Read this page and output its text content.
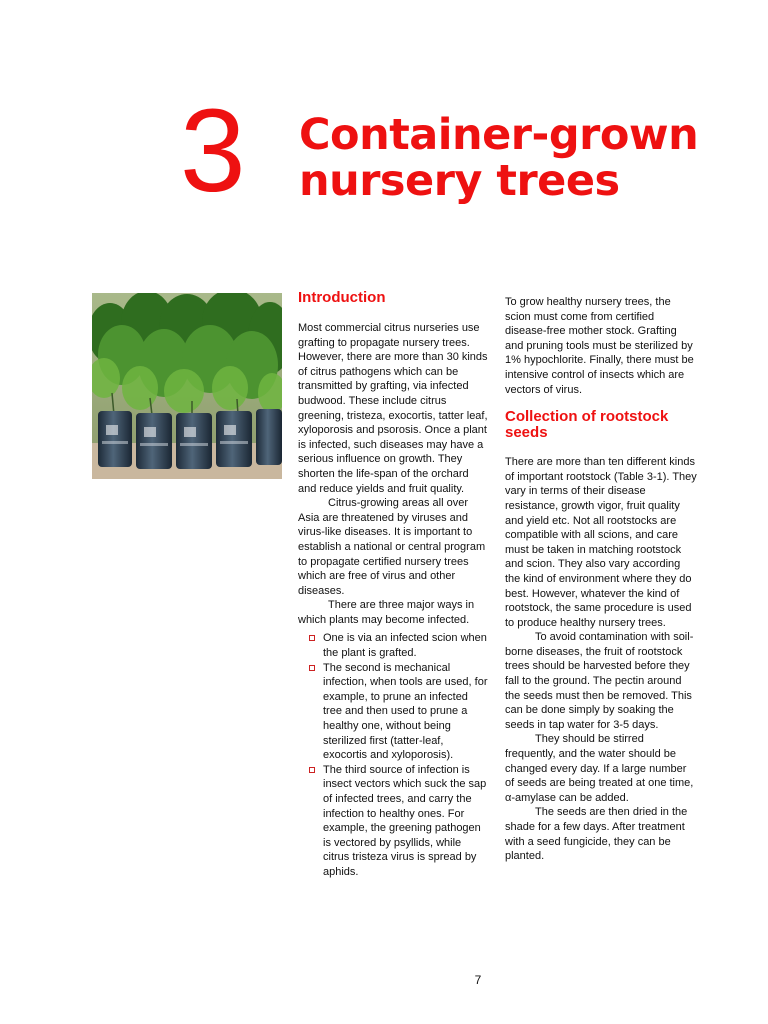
3 Container-grown
nursery trees
Introduction

Most commercial citrus nurseries use grafting to propagate nursery trees. However, there are more than 30 kinds of citrus pathogens which can be transmitted by grafting, via infected budwood. These include citrus greening, tristeza, exocortis, tatter leaf, xyloporosis and psorosis. Once a plant is infected, such diseases may have a serious influence on growth. They shorten the life-span of the orchard and reduce yields and fruit quality.

Citrus-growing areas all over Asia are threatened by viruses and virus-like diseases. It is important to establish a national or central program to propagate certified nursery trees which are free of virus and other diseases.

There are three major ways in which plants may become infected.

One is via an infected scion when the plant is grafted.
The second is mechanical infection, when tools are used, for example, to prune an infected tree and then used to prune a healthy one, without being sterilized first (tatter-leaf, exocortis and xyloporosis).
The third source of infection is insect vectors which suck the sap of infected trees, and carry the infection to healthy ones. For example, the greening pathogen is vectored by psyllids, while citrus tristeza virus is spread by aphids.

To grow healthy nursery trees, the scion must come from certified disease-free mother stock. Grafting and pruning tools must be sterilized by 1% hypochlorite. Finally, there must be intensive control of insects which are vectors of virus.

Collection of rootstock seeds

There are more than ten different kinds of important rootstock (Table 3-1). They vary in terms of their disease resistance, growth vigor, fruit quality and yield etc. Not all rootstocks are compatible with all scions, and care must be taken in matching rootstock and scion. They also vary according the kind of environment where they do best. However, whatever the kind of rootstock, the same procedure is used to produce healthy nursery trees.

To avoid contamination with soil-borne diseases, the fruit of rootstock trees should be harvested before they fall to the ground. The pectin around the seeds must then be removed. This can be done simply by soaking the seeds in tap water for 3-5 days.

They should be stirred frequently, and the water should be changed every day. If a large number of seeds are being treated at one time, α-amylase can be added.

The seeds are then dried in the shade for a few days. After treatment with a seed fungicide, they can be planted.

7
